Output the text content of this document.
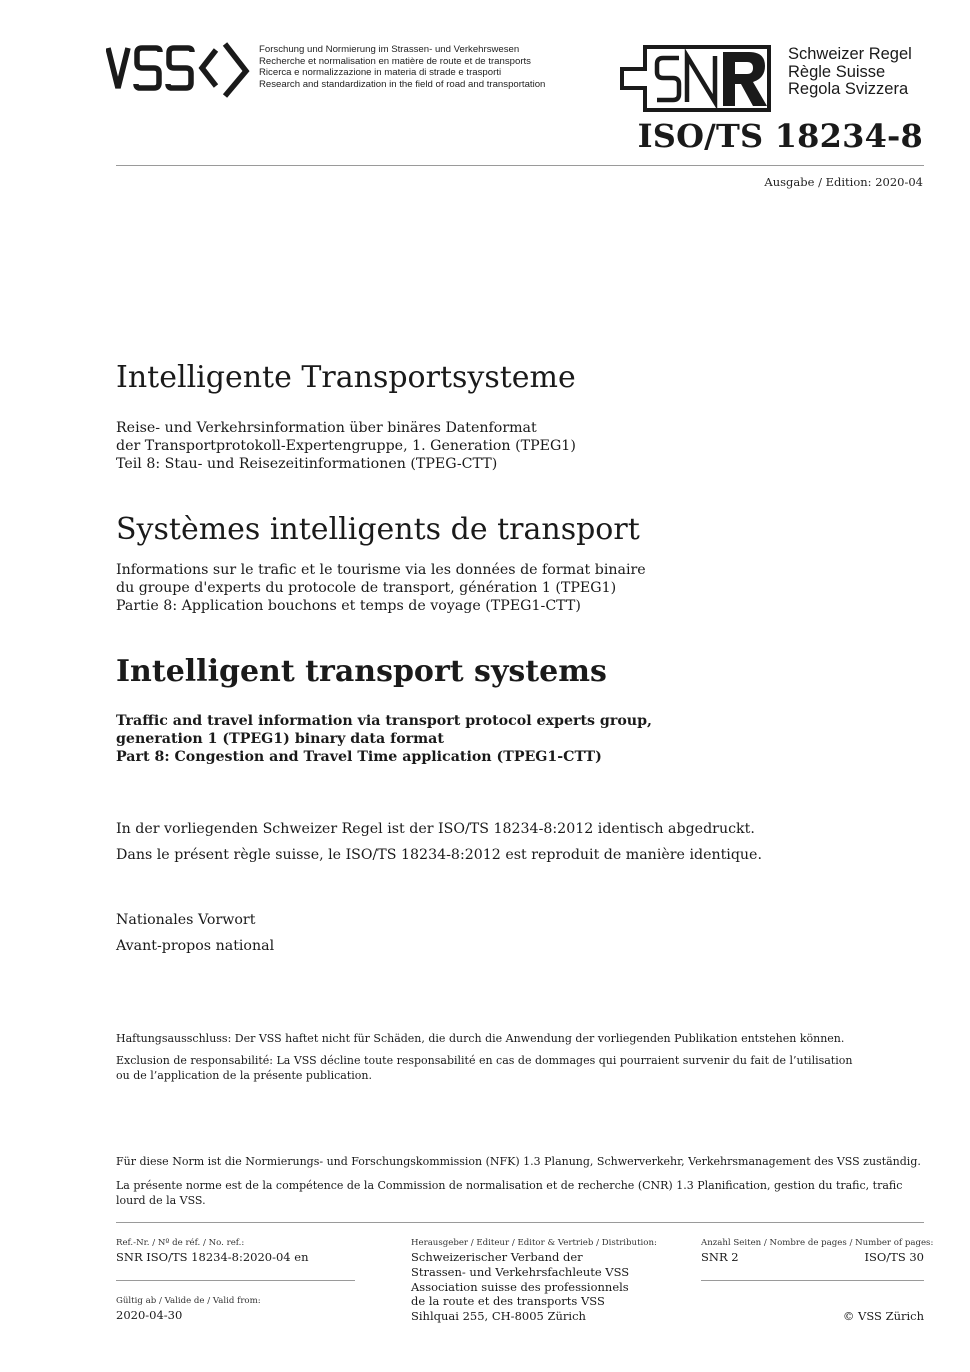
Forschung und Normierung im Strassen- und Verkehrswesen
Recherche et normalisation en matière de route et de transports
Ricerca e normalizzazione in materia di strade e trasporti
Research and standardization in the field of road and transportation
Schweizer Regel
Règle Suisse
Regola Svizzera
ISO/TS 18234-8
Ausgabe / Edition: 2020-04
Intelligente Transportsysteme
Reise- und Verkehrsinformation über binäres Datenformat
der Transportprotokoll-Expertengruppe, 1. Generation (TPEG1)
Teil 8: Stau- und Reisezeitinformationen (TPEG-CTT)
Systèmes intelligents de transport
Informations sur le trafic et le tourisme via les données de format binaire
du groupe d'experts du protocole de transport, génération 1 (TPEG1)
Partie 8: Application bouchons et temps de voyage (TPEG1-CTT)
Intelligent transport systems
Traffic and travel information via transport protocol experts group,
generation 1 (TPEG1) binary data format
Part 8: Congestion and Travel Time application (TPEG1-CTT)
In der vorliegenden Schweizer Regel ist der ISO/TS 18234-8:2012 identisch abgedruckt.
Dans le présent règle suisse, le ISO/TS 18234-8:2012 est reproduit de manière identique.
Nationales Vorwort
Avant-propos national
Haftungsausschluss: Der VSS haftet nicht für Schäden, die durch die Anwendung der vorliegenden Publikation entstehen können.
Exclusion de responsabilité: La VSS décline toute responsabilité en cas de dommages qui pourraient survenir du fait de l’utilisation
ou de l’application de la présente publication.
Für diese Norm ist die Normierungs- und Forschungskommission (NFK) 1.3 Planung, Schwerverkehr, Verkehrsmanagement des VSS zuständig.
La présente norme est de la compétence de la Commission de normalisation et de recherche (CNR) 1.3 Planification, gestion du trafic, trafic lourd de la VSS.
Ref.-Nr. / Nº de réf. / No. ref.:
SNR ISO/TS 18234-8:2020-04 en
Gültig ab / Valide de / Valid from:
2020-04-30
Herausgeber / Editeur / Editor & Vertrieb / Distribution:
Schweizerischer Verband der
Strassen- und Verkehrsfachleute VSS
Association suisse des professionnels
de la route et des transports VSS
Sihlquai 255, CH-8005 Zürich
Anzahl Seiten / Nombre de pages / Number of pages:
SNR 2	ISO/TS 30
© VSS Zürich
